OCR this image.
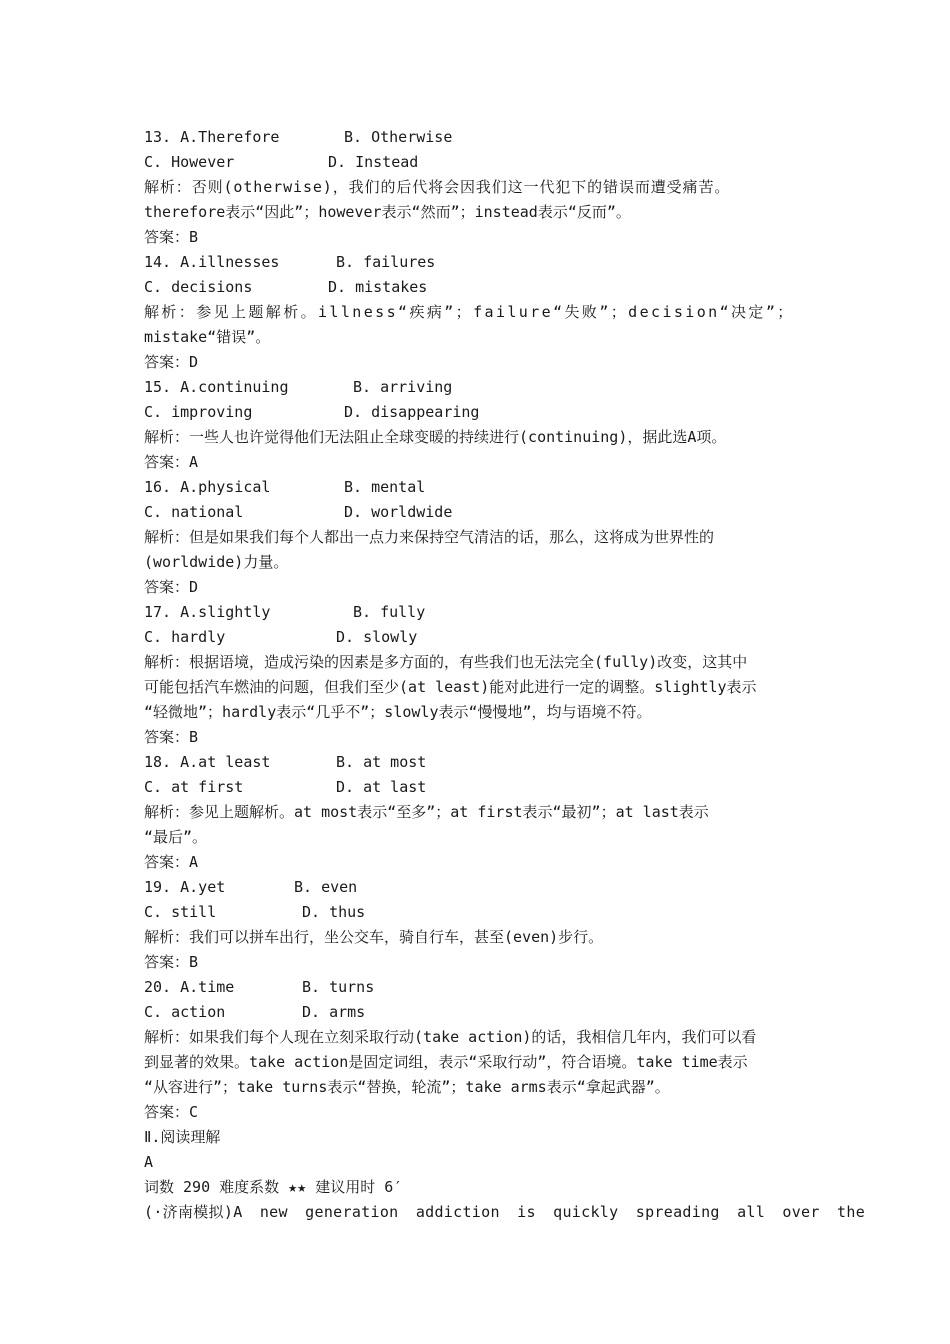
13. A.Therefore	B. Otherwise
C. However	D. Instead
解析：否则(otherwise)，我们的后代将会因我们这一代犯下的错误而遭受痛苦。
therefore表示“因此”；however表示“然而”；instead表示“反而”。
答案：B
14. A.illnesses	B. failures
C. decisions	D. mistakes
解析：参见上题解析。illness“疾病”；failure“失败”；decision“决定”；
mistake“错误”。
答案：D
15. A.continuing	B. arriving
C. improving	D. disappearing
解析：一些人也许觉得他们无法阻止全球变暖的持续进行(continuing)，据此选A项。
答案：A
16. A.physical	B. mental
C. national	D. worldwide
解析：但是如果我们每个人都出一点力来保持空气清洁的话，那么，这将成为世界性的
(worldwide)力量。
答案：D
17. A.slightly	B. fully
C. hardly	D. slowly
解析：根据语境，造成污染的因素是多方面的，有些我们也无法完全(fully)改变，这其中
可能包括汽车燃油的问题，但我们至少(at least)能对此进行一定的调整。slightly表示
“轻微地”；hardly表示“几乎不”；slowly表示“慢慢地”，均与语境不符。
答案：B
18. A.at least	B. at most
C. at first	D. at last
解析：参见上题解析。at most表示“至多”；at first表示“最初”；at last表示
“最后”。
答案：A
19. A.yet	B. even
C. still	D. thus
解析：我们可以拼车出行，坐公交车，骑自行车，甚至(even)步行。
答案：B
20. A.time	B. turns
C. action	D. arms
解析：如果我们每个人现在立刻采取行动(take action)的话，我相信几年内，我们可以看
到显著的效果。take action是固定词组，表示“采取行动”，符合语境。take time表示
“从容进行”；take turns表示“替换，轮流”；take arms表示“拿起武器”。
答案：C
Ⅱ.阅读理解
A
词数 290 难度系数 ★★ 建议用时 6′
(·济南模拟)A new generation addiction is quickly spreading all over the
